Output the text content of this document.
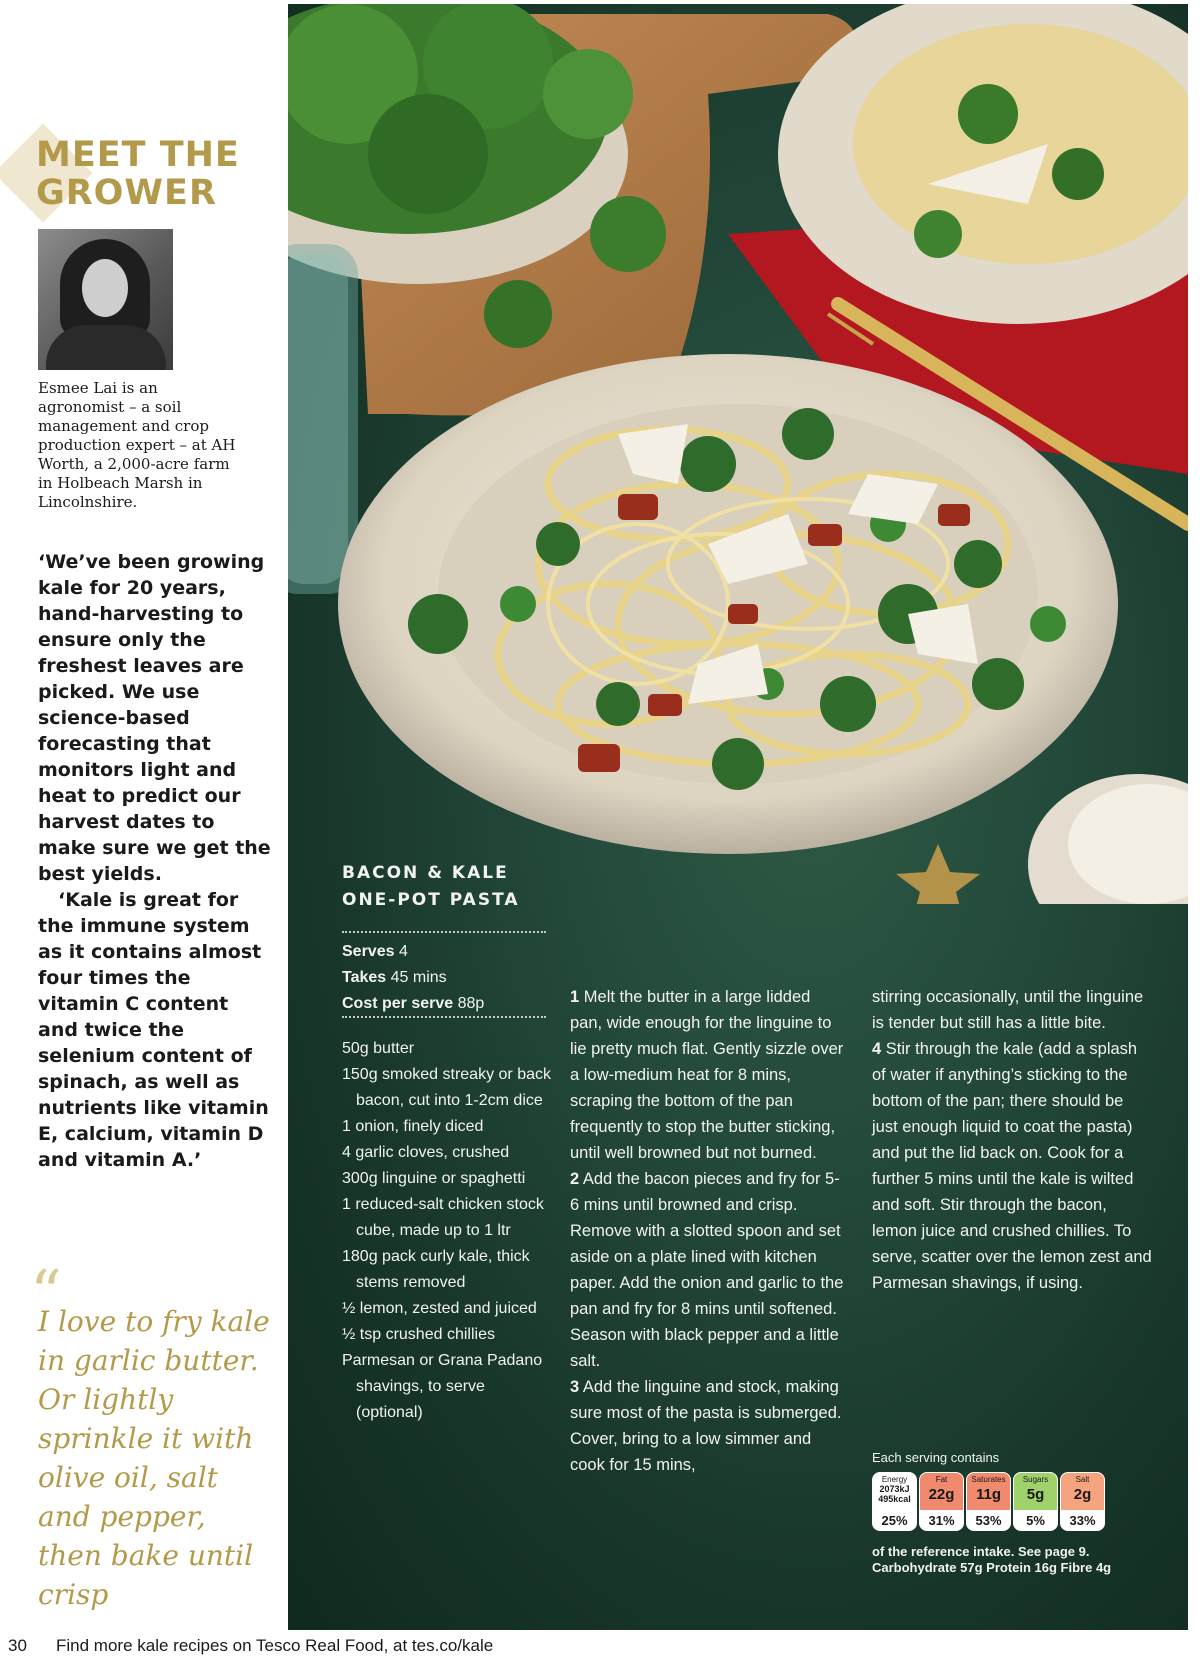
MEET THE
GROWER

Esmee Lai is an agronomist – a soil management and crop production expert – at AH Worth, a 2,000-acre farm in Holbeach Marsh in Lincolnshire.

‘We’ve been growing kale for 20 years, hand-harvesting to ensure only the freshest leaves are picked. We use science-based forecasting that monitors light and heat to predict our harvest dates to make sure we get the best yields.

‘Kale is great for the immune system as it contains almost four times the vitamin C content and twice the selenium content of spinach, as well as nutrients like vitamin E, calcium, vitamin D and vitamin A.’

“

I love to fry kale in garlic butter. Or lightly sprinkle it with olive oil, salt and pepper, then bake until crisp

BACON & KALE
ONE-POT PASTA
Serves 4
Takes 45 mins
Cost per serve 88p
50g butter
150g smoked streaky or back bacon, cut into 1-2cm dice
1 onion, finely diced
4 garlic cloves, crushed
300g linguine or spaghetti
1 reduced-salt chicken stock cube, made up to 1 ltr
180g pack curly kale, thick stems removed
½ lemon, zested and juiced
½ tsp crushed chillies
Parmesan or Grana Padano shavings, to serve (optional)

1 Melt the butter in a large lidded pan, wide enough for the linguine to lie pretty much flat. Gently sizzle over a low-medium heat for 8 mins, scraping the bottom of the pan frequently to stop the butter sticking, until well browned but not burned.

2 Add the bacon pieces and fry for 5-6 mins until browned and crisp. Remove with a slotted spoon and set aside on a plate lined with kitchen paper. Add the onion and garlic to the pan and fry for 8 mins until softened. Season with black pepper and a little salt.

3 Add the linguine and stock, making sure most of the pasta is submerged. Cover, bring to a low simmer and cook for 15 mins,

stirring occasionally, until the linguine is tender but still has a little bite.

4 Stir through the kale (add a splash of water if anything’s sticking to the bottom of the pan; there should be just enough liquid to coat the pasta) and put the lid back on. Cook for a further 5 mins until the kale is wilted and soft. Stir through the bacon, lemon juice and crushed chillies. To serve, scatter over the lemon zest and Parmesan shavings, if using.

Each serving contains
Energy
2073kJ
495kcal
25%
Fat
22g
31%
Saturates
11g
53%
Sugars
5g
5%
Salt
2g
33%
of the reference intake. See page 9.
Carbohydrate 57g Protein 16g Fibre 4g
30 Find more kale recipes on Tesco Real Food, at tes.co/kale
